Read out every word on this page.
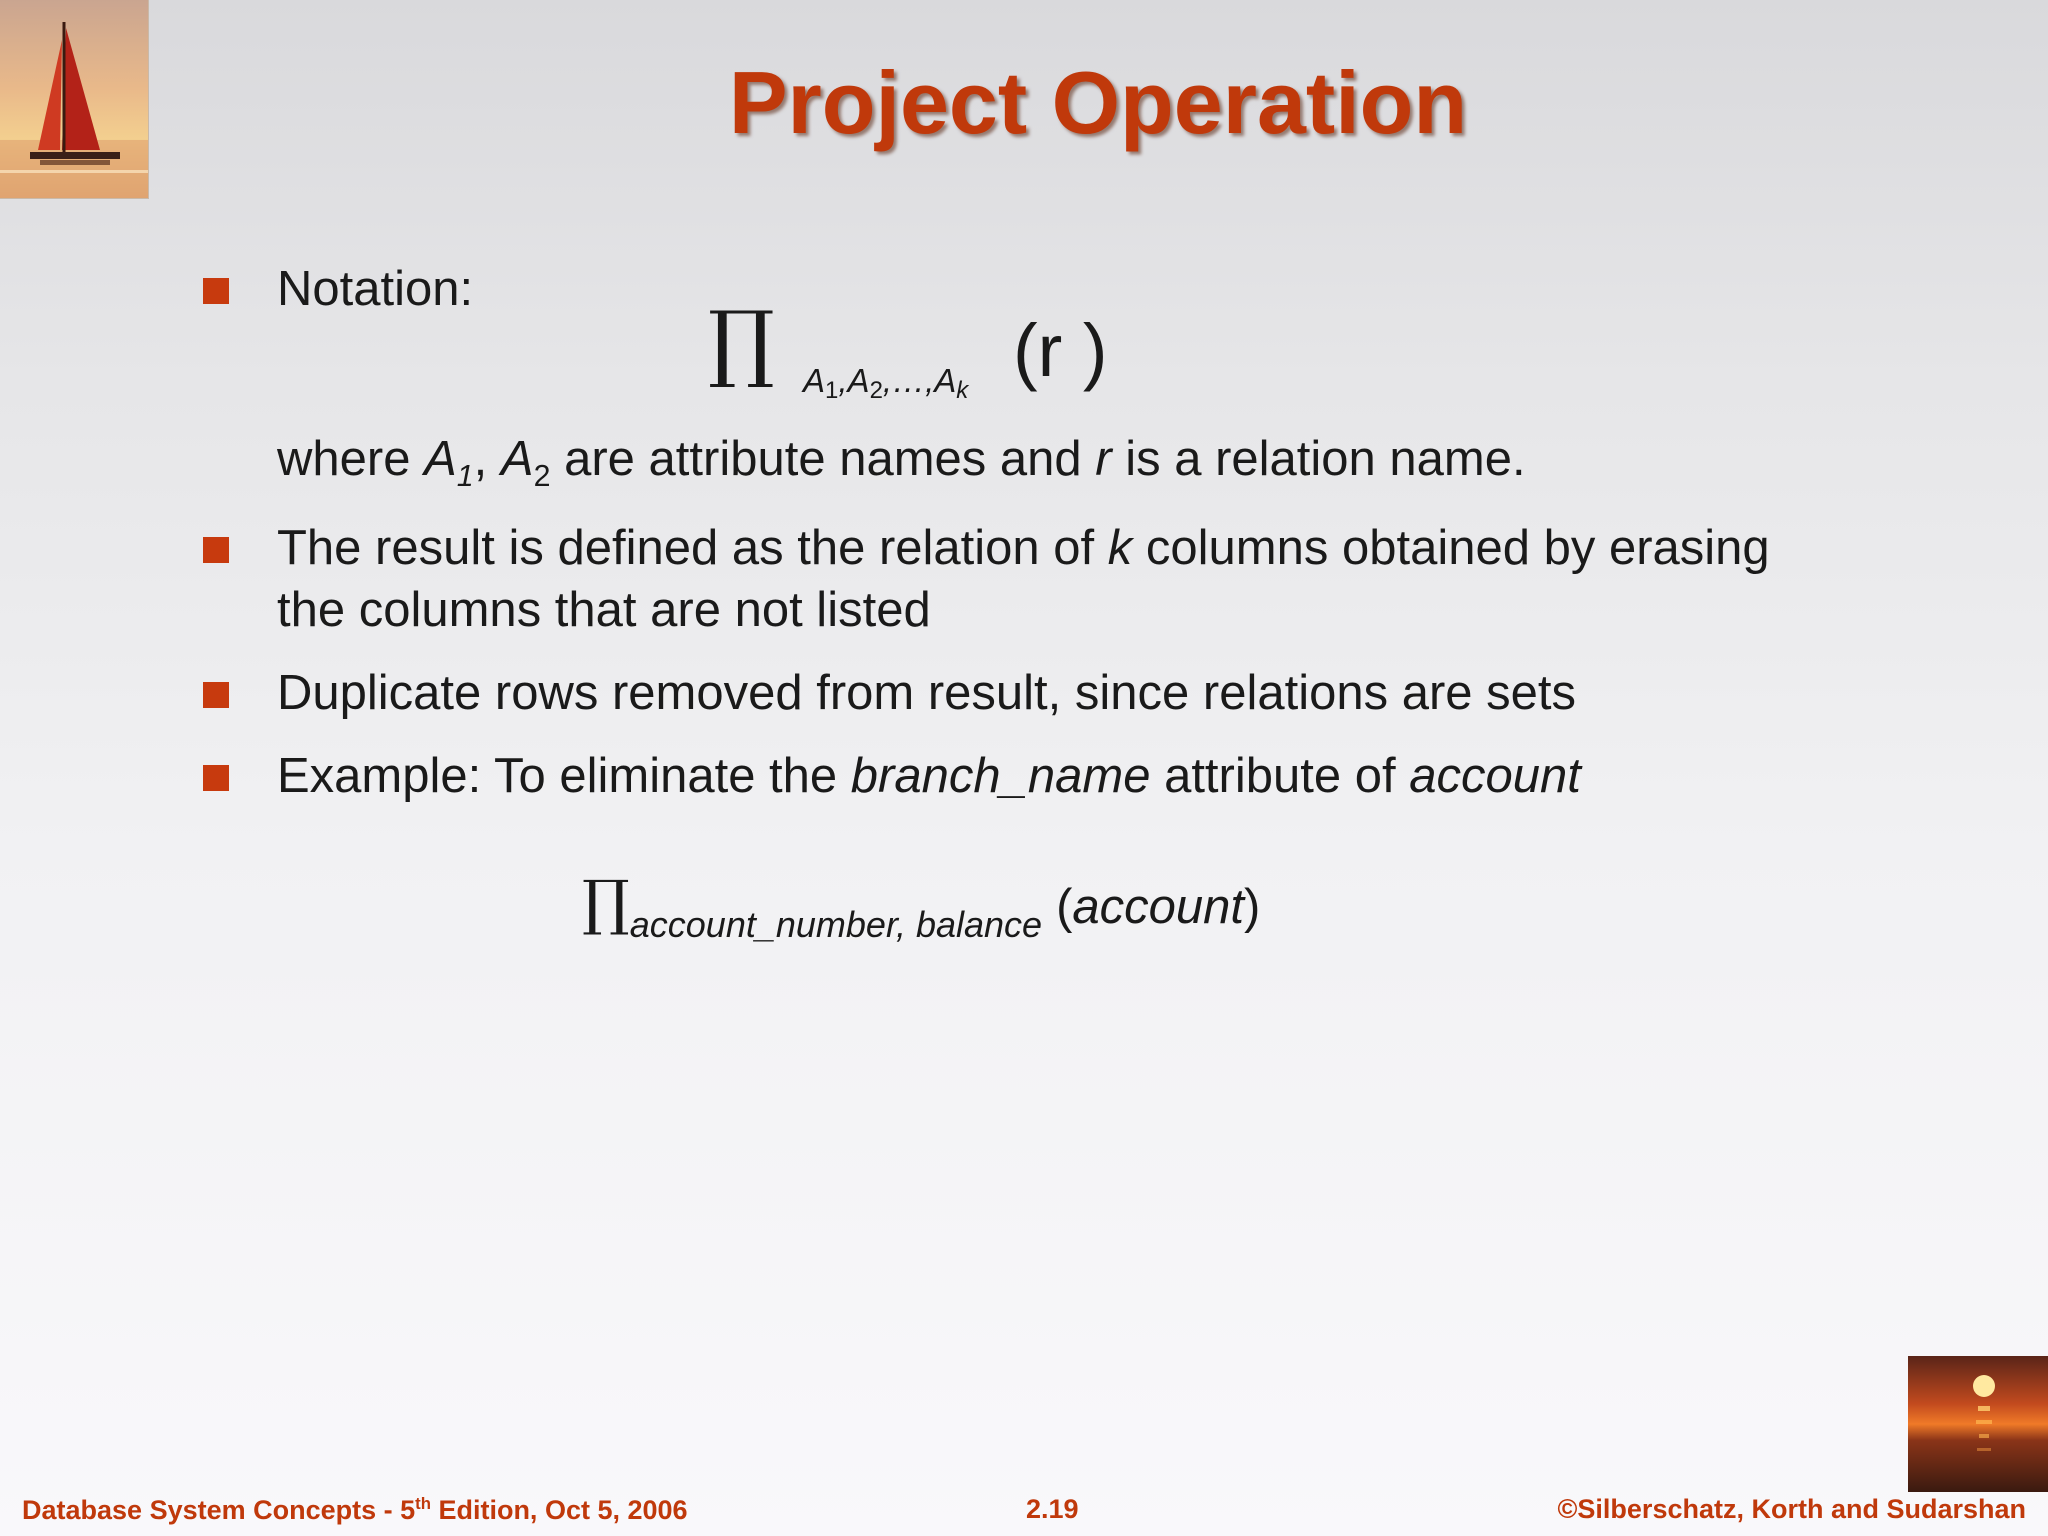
Project Operation
Notation:
∏ $A_1,A_2,\dots,A_k$ (r )
where $A_1$, $A_2$ are attribute names and r is a relation name.
The result is defined as the relation of k columns obtained by erasing
the columns that are not listed
Duplicate rows removed from result, since relations are sets
Example: To eliminate the branch_name attribute of account
∏account_number, balance (account)
Database System Concepts - 5th Edition, Oct 5, 2006	2.19	©Silberschatz, Korth and Sudarshan
